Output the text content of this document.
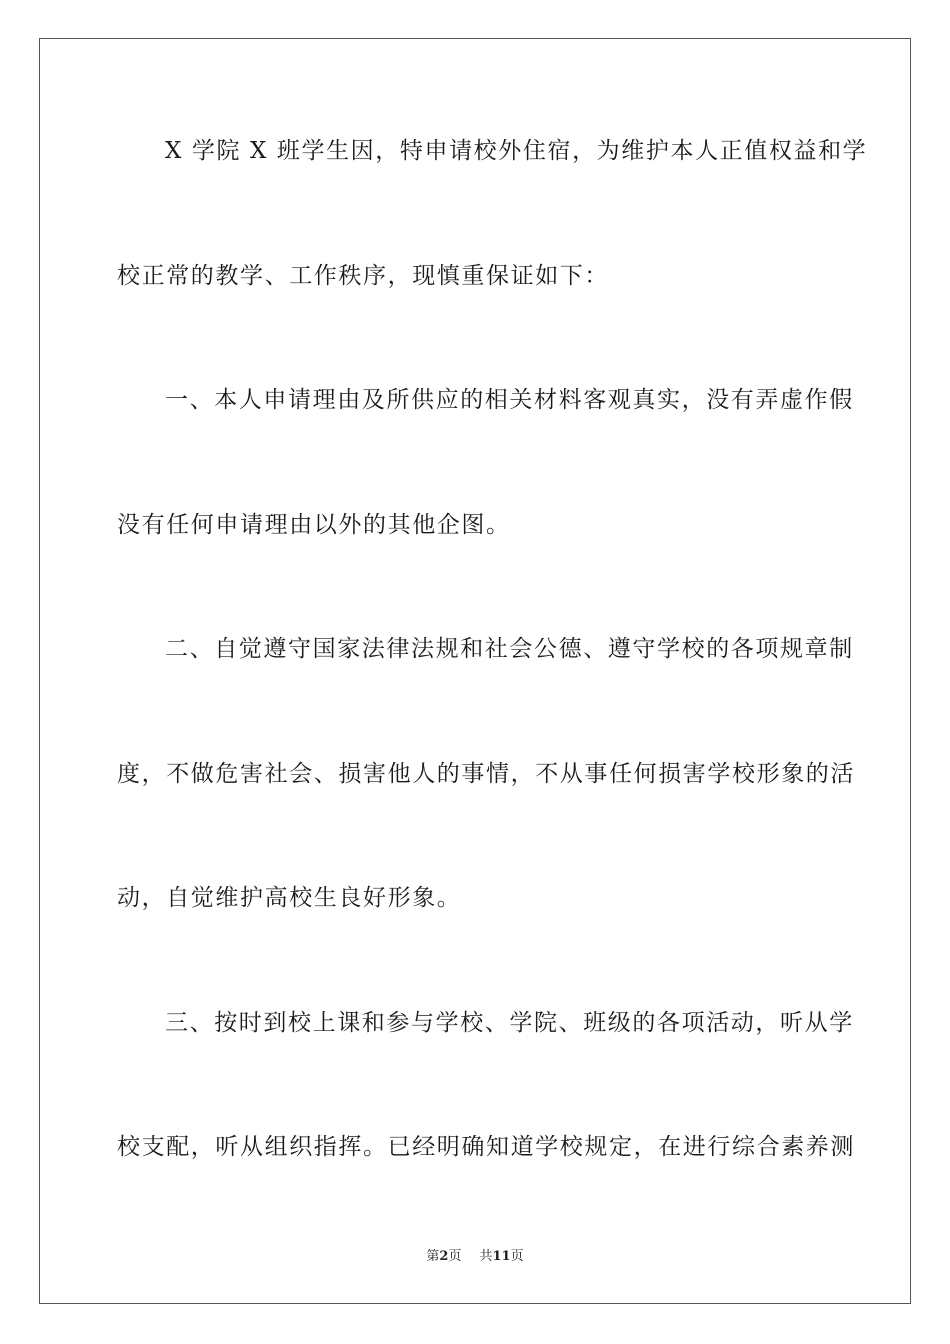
X 学院 X 班学生因，特申请校外住宿，为维护本人正值权益和学
校正常的教学、工作秩序，现慎重保证如下：
一、本人申请理由及所供应的相关材料客观真实，没有弄虚作假
没有任何申请理由以外的其他企图。
二、自觉遵守国家法律法规和社会公德、遵守学校的各项规章制
度，不做危害社会、损害他人的事情，不从事任何损害学校形象的活
动，自觉维护高校生良好形象。
三、按时到校上课和参与学校、学院、班级的各项活动，听从学
校支配，听从组织指挥。已经明确知道学校规定，在进行综合素养测
第2页 共11页
